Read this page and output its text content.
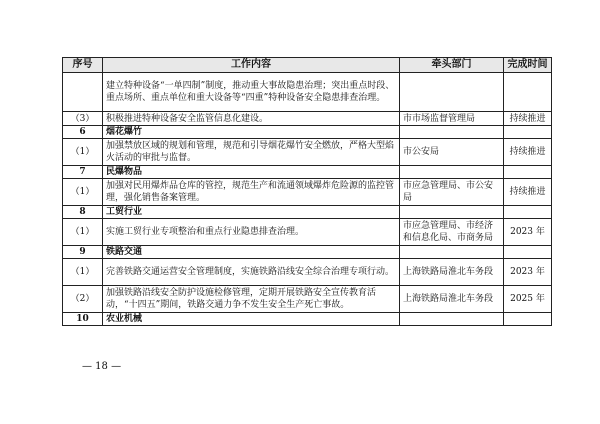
序号	工作内容	牵头部门	完成时间
	建立特种设备“一单四制”制度，推动重大事故隐患治理；突出重点时段、重点场所、重点单位和重大设备等“四重”特种设备安全隐患排查治理。		
（3）	积极推进特种设备安全监管信息化建设。	市市场监督管理局	持续推进
6	烟花爆竹		
（1）	加强禁放区域的规划和管理，规范和引导烟花爆竹安全燃放，严格大型焰火活动的审批与监督。	市公安局	持续推进
7	民爆物品		
（1）	加强对民用爆炸品仓库的管控，规范生产和流通领域爆炸危险源的监控管理，强化销售备案管理。	市应急管理局、市公安局	持续推进
8	工贸行业		
（1）	实施工贸行业专项整治和重点行业隐患排查治理。	市应急管理局、市经济和信息化局、市商务局	2023 年
9	铁路交通		
（1）	完善铁路交通运营安全管理制度，实施铁路沿线安全综合治理专项行动。	上海铁路局淮北车务段	2023 年
（2）	加强铁路沿线安全防护设施检修管理，定期开展铁路安全宣传教育活动，“十四五”期间，铁路交通力争不发生安全生产死亡事故。	上海铁路局淮北车务段	2025 年
10	农业机械		
— 18 —
